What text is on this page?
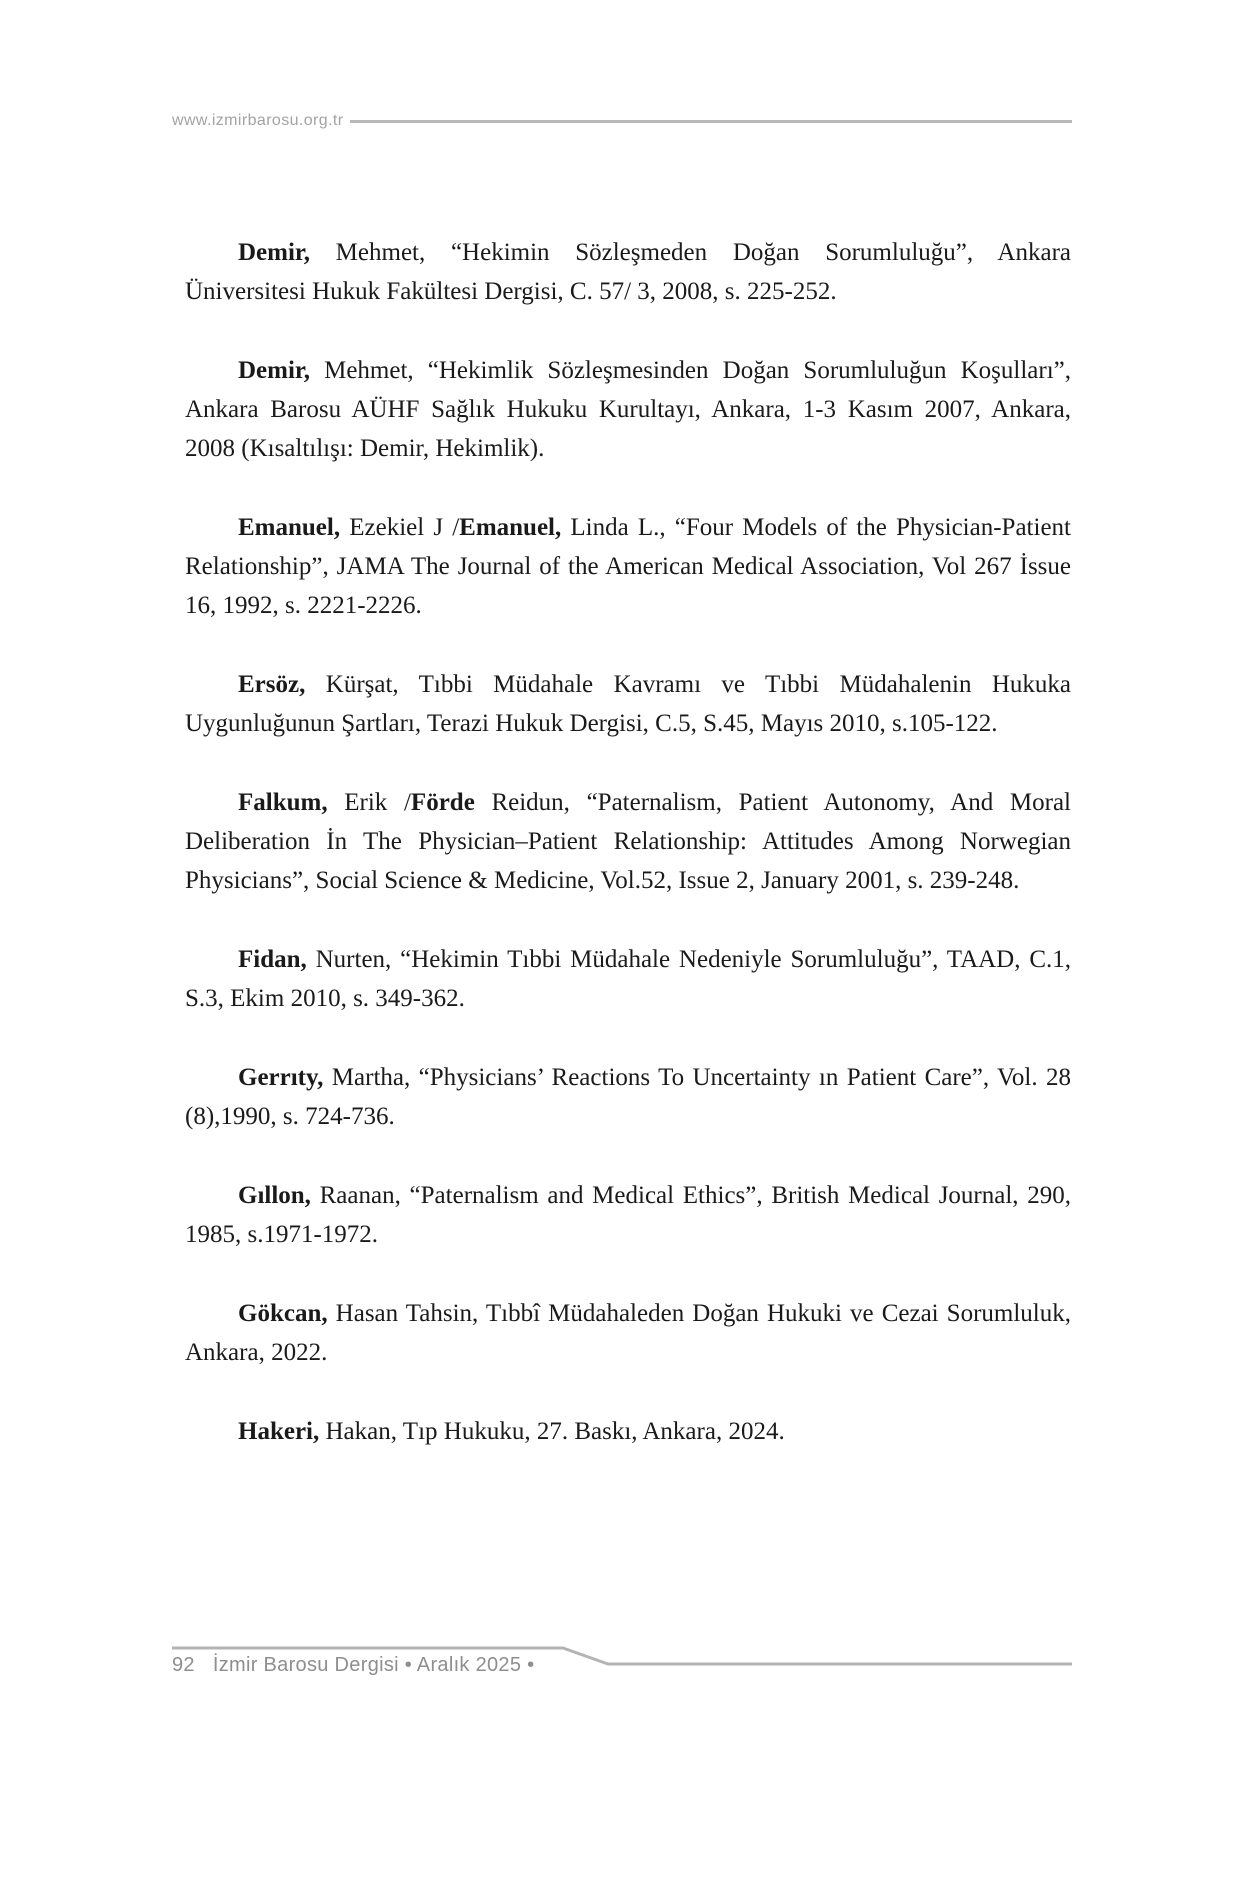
www.izmirbarosu.org.tr

Demir, Mehmet, “Hekimin Sözleşmeden Doğan Sorumluluğu”, Ankara Üniversitesi Hukuk Fakültesi Dergisi, C. 57/ 3, 2008, s. 225-252.

Demir, Mehmet, “Hekimlik Sözleşmesinden Doğan Sorumluluğun Koşulları”, Ankara Barosu AÜHF Sağlık Hukuku Kurultayı, Ankara, 1-3 Kasım 2007, Ankara, 2008 (Kısaltılışı: Demir, Hekimlik).

Emanuel, Ezekiel J /Emanuel, Linda L., “Four Models of the Physician-Patient Relationship”, JAMA The Journal of the American Medical Association, Vol 267 İssue 16, 1992, s. 2221-2226.

Ersöz, Kürşat, Tıbbi Müdahale Kavramı ve Tıbbi Müdahalenin Hukuka Uygunluğunun Şartları, Terazi Hukuk Dergisi, C.5, S.45, Mayıs 2010, s.105-122.

Falkum, Erik /Förde Reidun, “Paternalism, Patient Autonomy, And Moral Deliberation İn The Physician–Patient Relationship: Attitudes Among Norwegian Physicians”, Social Science & Medicine, Vol.52, Issue 2, January 2001, s. 239-248.

Fidan, Nurten, “Hekimin Tıbbi Müdahale Nedeniyle Sorumluluğu”, TAAD, C.1, S.3, Ekim 2010, s. 349-362.

Gerrıty, Martha, “Physicians’ Reactions To Uncertainty ın Patient Care”, Vol. 28 (8),1990, s. 724-736.

Gıllon, Raanan, “Paternalism and Medical Ethics”, British Medical Journal, 290, 1985, s.1971-1972.

Gökcan, Hasan Tahsin, Tıbbî Müdahaleden Doğan Hukuki ve Cezai Sorumluluk, Ankara, 2022.

Hakeri, Hakan, Tıp Hukuku, 27. Baskı, Ankara, 2024.

92 İzmir Barosu Dergisi • Aralık 2025 •
